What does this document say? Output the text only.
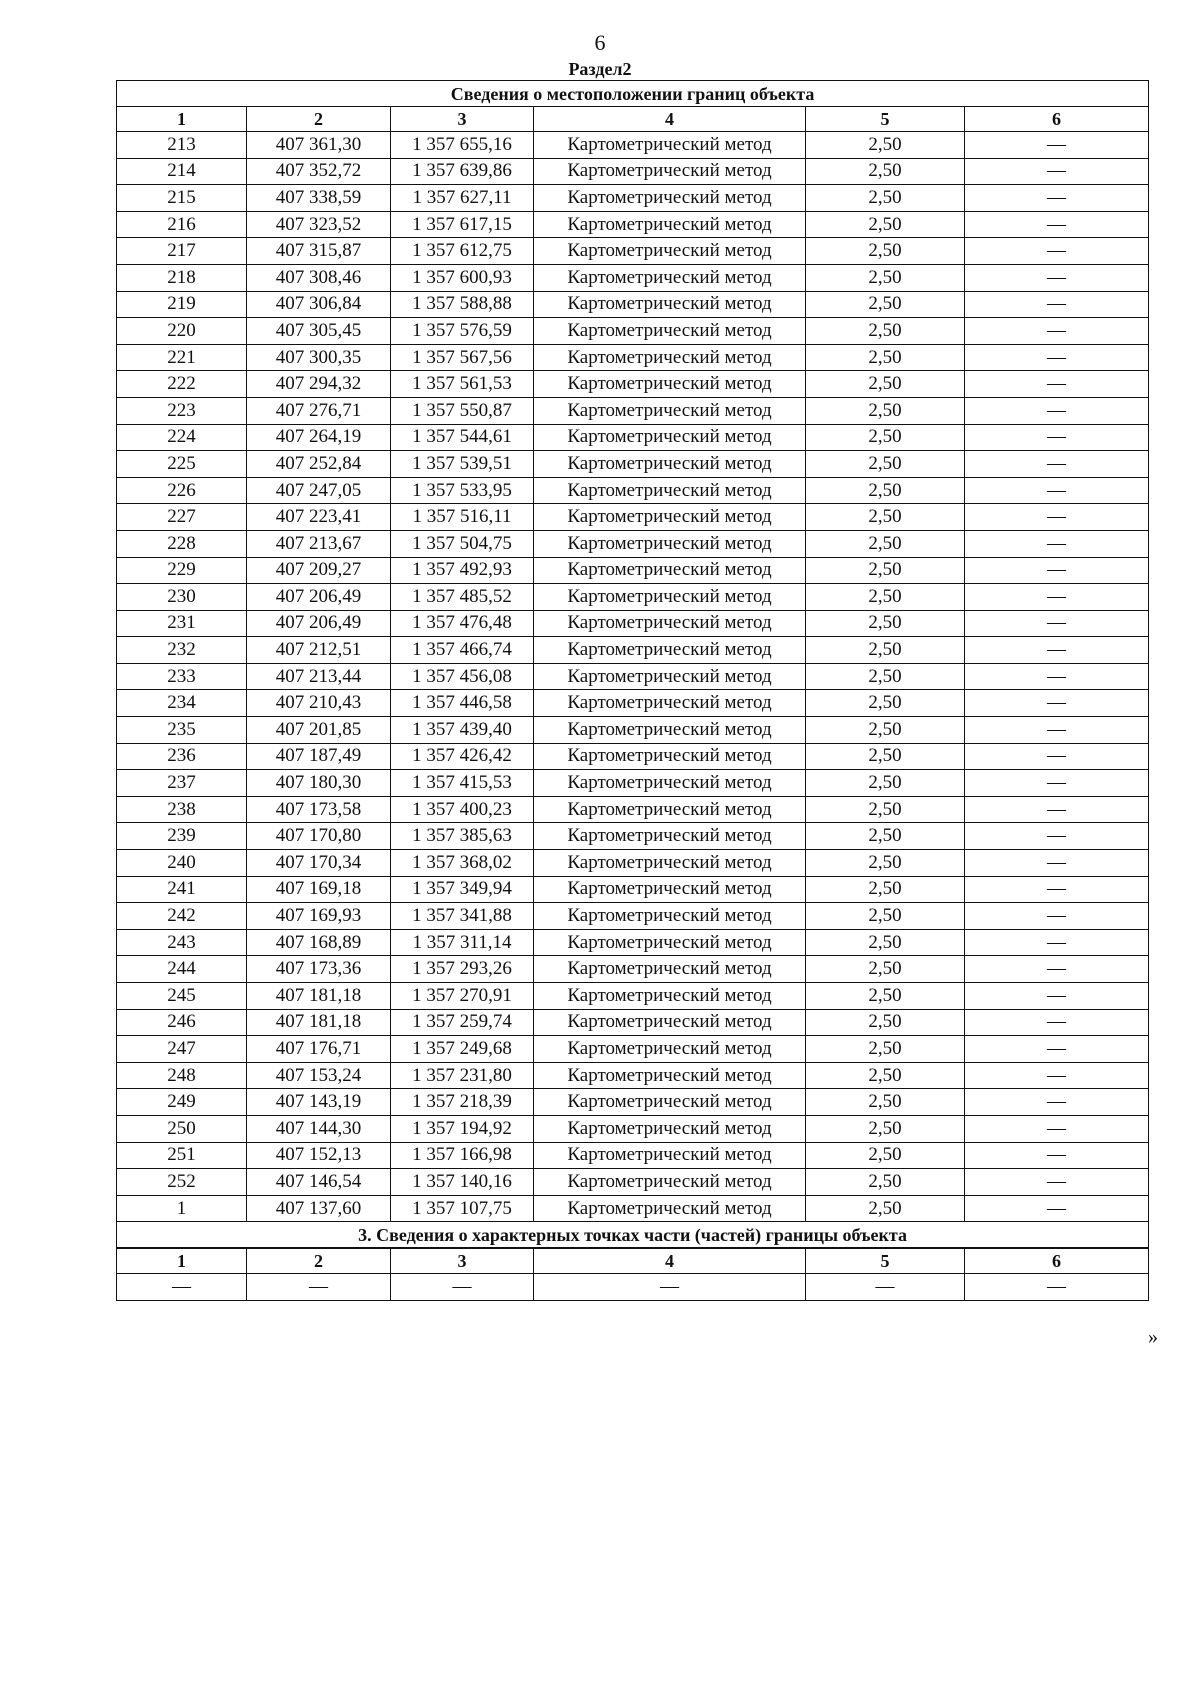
6
Раздел2
Сведения о местоположении границ объекта					
1	2	3	4	5	6
213	407 361,30	1 357 655,16	Картометрический метод	2,50	—
214	407 352,72	1 357 639,86	Картометрический метод	2,50	—
215	407 338,59	1 357 627,11	Картометрический метод	2,50	—
216	407 323,52	1 357 617,15	Картометрический метод	2,50	—
217	407 315,87	1 357 612,75	Картометрический метод	2,50	—
218	407 308,46	1 357 600,93	Картометрический метод	2,50	—
219	407 306,84	1 357 588,88	Картометрический метод	2,50	—
220	407 305,45	1 357 576,59	Картометрический метод	2,50	—
221	407 300,35	1 357 567,56	Картометрический метод	2,50	—
222	407 294,32	1 357 561,53	Картометрический метод	2,50	—
223	407 276,71	1 357 550,87	Картометрический метод	2,50	—
224	407 264,19	1 357 544,61	Картометрический метод	2,50	—
225	407 252,84	1 357 539,51	Картометрический метод	2,50	—
226	407 247,05	1 357 533,95	Картометрический метод	2,50	—
227	407 223,41	1 357 516,11	Картометрический метод	2,50	—
228	407 213,67	1 357 504,75	Картометрический метод	2,50	—
229	407 209,27	1 357 492,93	Картометрический метод	2,50	—
230	407 206,49	1 357 485,52	Картометрический метод	2,50	—
231	407 206,49	1 357 476,48	Картометрический метод	2,50	—
232	407 212,51	1 357 466,74	Картометрический метод	2,50	—
233	407 213,44	1 357 456,08	Картометрический метод	2,50	—
234	407 210,43	1 357 446,58	Картометрический метод	2,50	—
235	407 201,85	1 357 439,40	Картометрический метод	2,50	—
236	407 187,49	1 357 426,42	Картометрический метод	2,50	—
237	407 180,30	1 357 415,53	Картометрический метод	2,50	—
238	407 173,58	1 357 400,23	Картометрический метод	2,50	—
239	407 170,80	1 357 385,63	Картометрический метод	2,50	—
240	407 170,34	1 357 368,02	Картометрический метод	2,50	—
241	407 169,18	1 357 349,94	Картометрический метод	2,50	—
242	407 169,93	1 357 341,88	Картометрический метод	2,50	—
243	407 168,89	1 357 311,14	Картометрический метод	2,50	—
244	407 173,36	1 357 293,26	Картометрический метод	2,50	—
245	407 181,18	1 357 270,91	Картометрический метод	2,50	—
246	407 181,18	1 357 259,74	Картометрический метод	2,50	—
247	407 176,71	1 357 249,68	Картометрический метод	2,50	—
248	407 153,24	1 357 231,80	Картометрический метод	2,50	—
249	407 143,19	1 357 218,39	Картометрический метод	2,50	—
250	407 144,30	1 357 194,92	Картометрический метод	2,50	—
251	407 152,13	1 357 166,98	Картометрический метод	2,50	—
252	407 146,54	1 357 140,16	Картометрический метод	2,50	—
1	407 137,60	1 357 107,75	Картометрический метод	2,50	—
3. Сведения о характерных точках части (частей) границы объекта					
1	2	3	4	5	6
—	—	—	—	—	—
»
